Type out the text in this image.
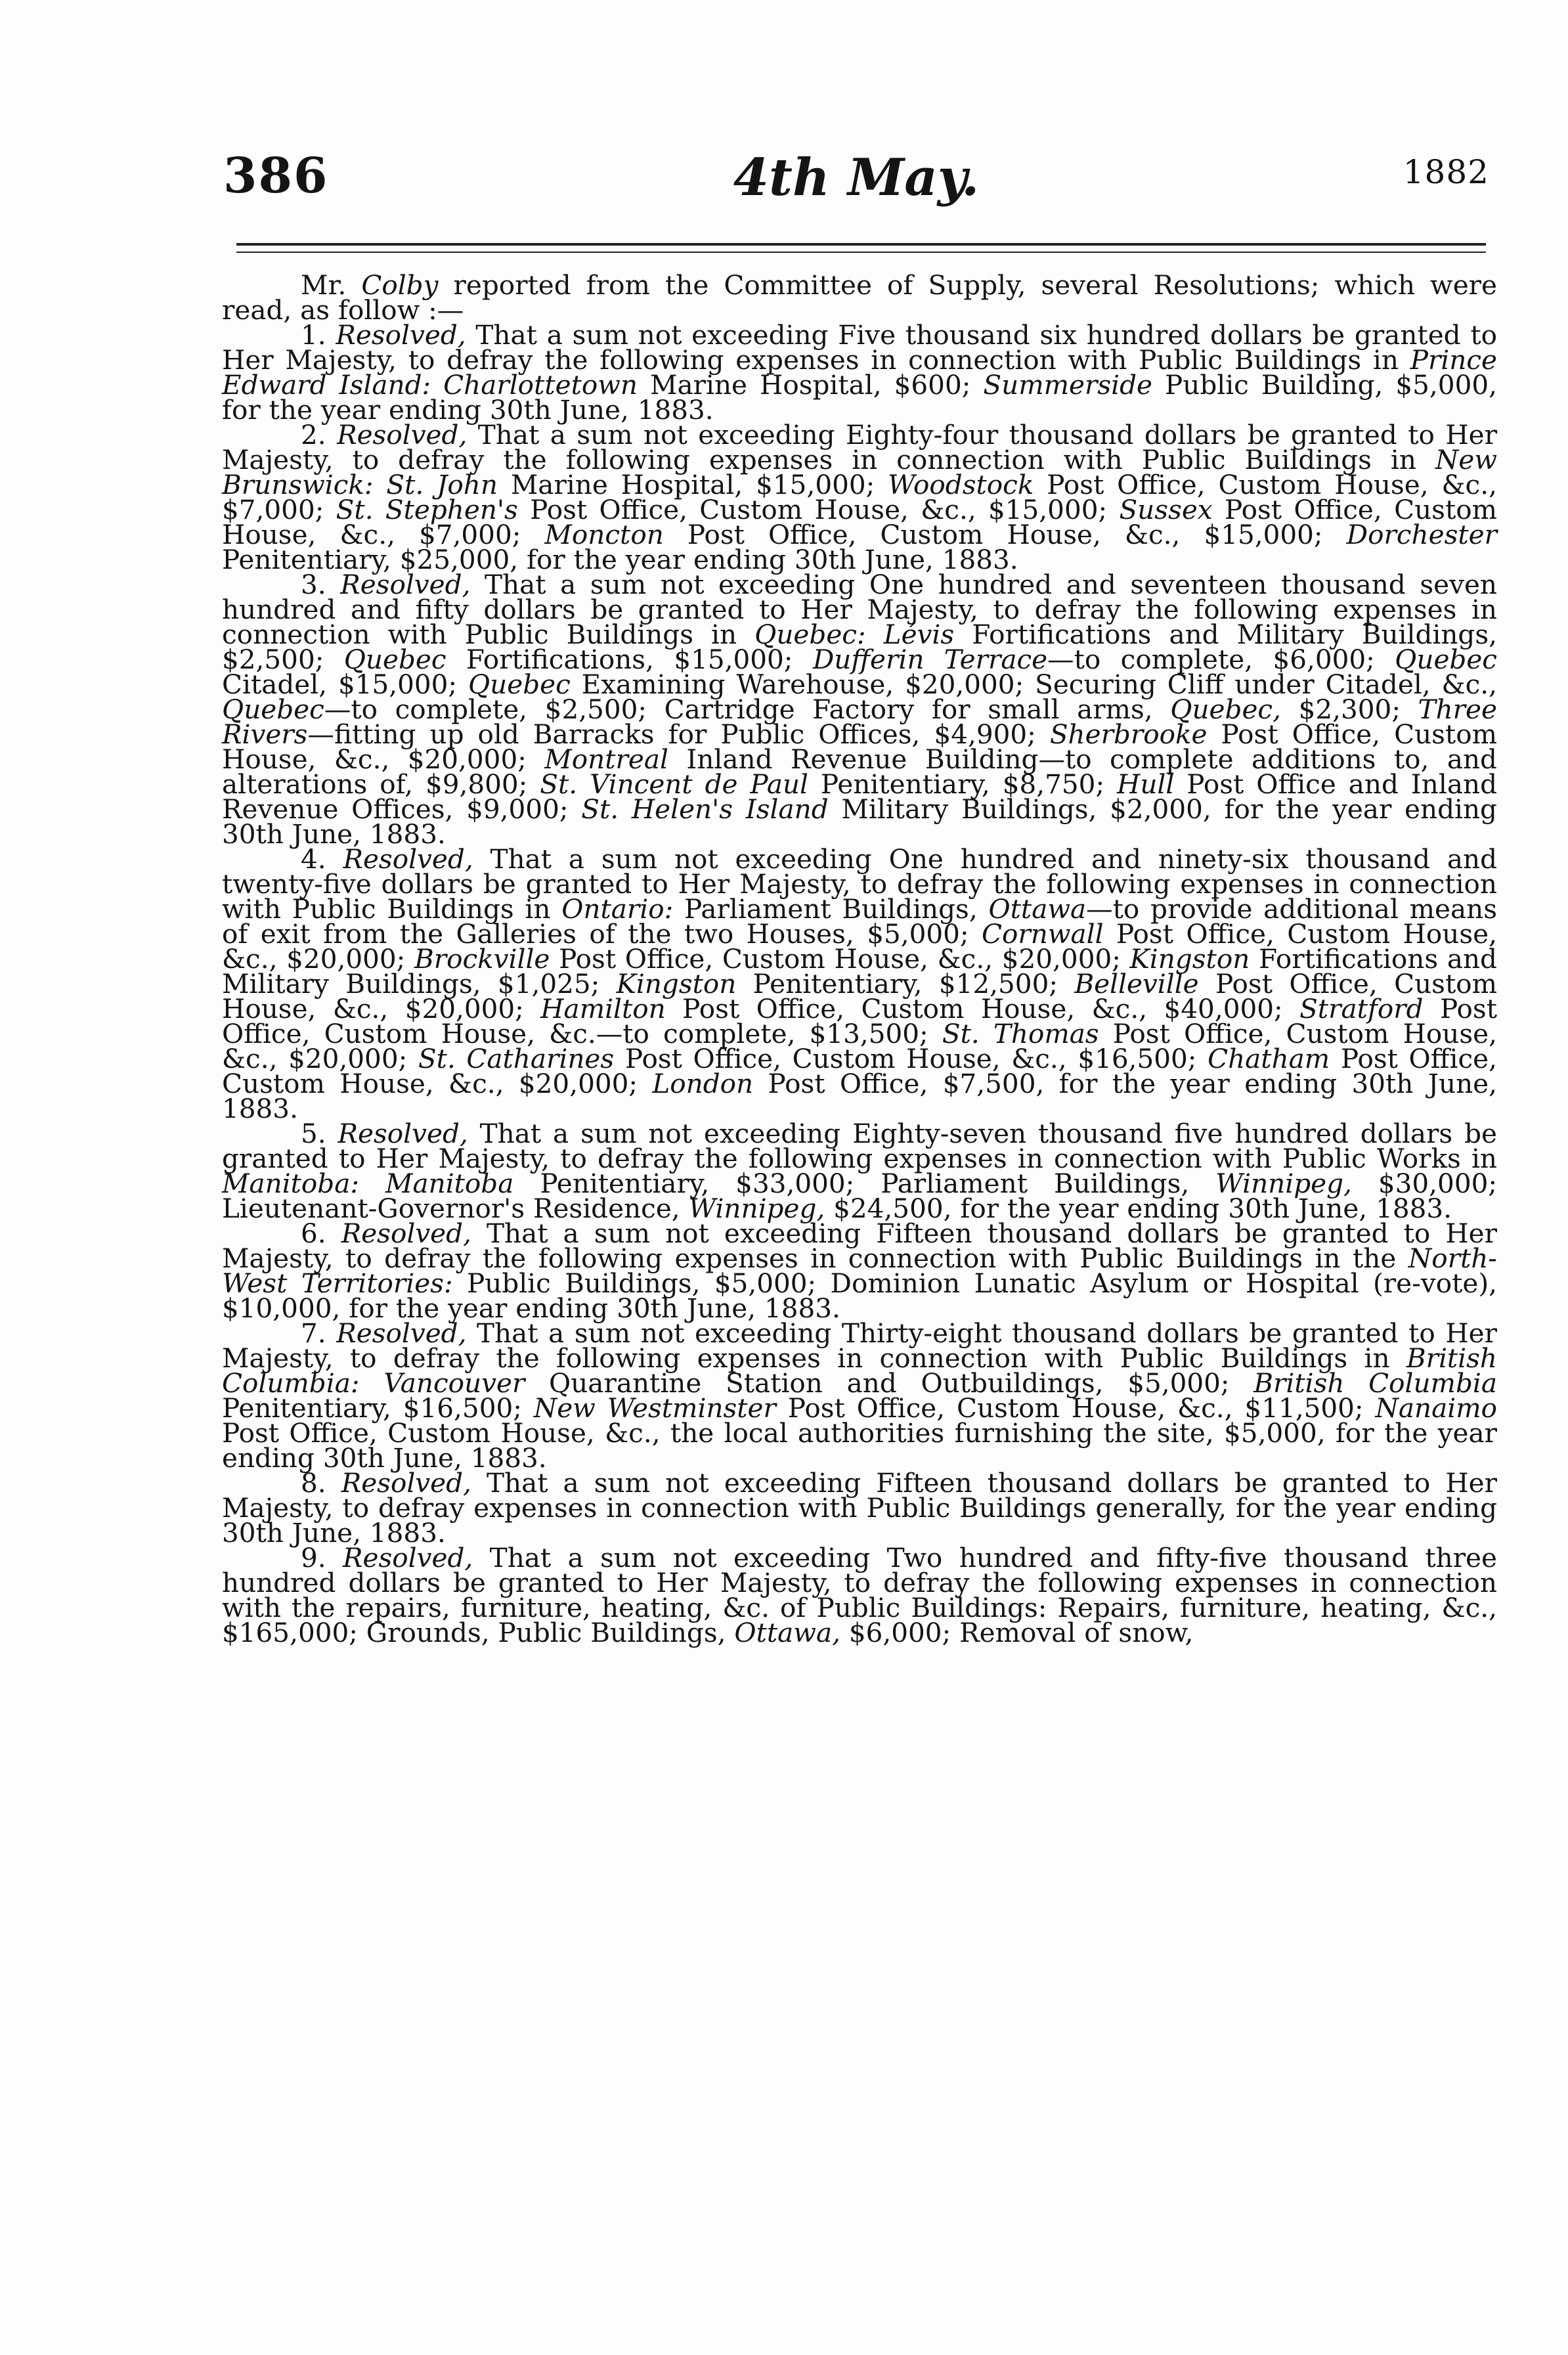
386	4th May.	1882

Mr. Colby reported from the Committee of Supply, several Resolutions; which were read, as follow :—

1. Resolved, That a sum not exceeding Five thousand six hundred dollars be granted to Her Majesty, to defray the following expenses in connection with Public Buildings in Prince Edward Island: Charlottetown Marine Hospital, $600; Summerside Public Building, $5,000, for the year ending 30th June, 1883.

2. Resolved, That a sum not exceeding Eighty-four thousand dollars be granted to Her Majesty, to defray the following expenses in connection with Public Buildings in New Brunswick: St. John Marine Hospital, $15,000; Woodstock Post Office, Custom House, &c., $7,000; St. Stephen's Post Office, Custom House, &c., $15,000; Sussex Post Office, Custom House, &c., $7,000; Moncton Post Office, Custom House, &c., $15,000; Dorchester Penitentiary, $25,000, for the year ending 30th June, 1883.

3. Resolved, That a sum not exceeding One hundred and seventeen thousand seven hundred and fifty dollars be granted to Her Majesty, to defray the following expenses in connection with Public Buildings in Quebec: Lévis Fortifications and Military Buildings, $2,500; Quebec Fortifications, $15,000; Dufferin Terrace—to complete, $6,000; Quebec Citadel, $15,000; Quebec Examining Warehouse, $20,000; Securing Cliff under Citadel, &c., Quebec—to complete, $2,500; Cartridge Factory for small arms, Quebec, $2,300; Three Rivers—fitting up old Barracks for Public Offices, $4,900; Sherbrooke Post Office, Custom House, &c., $20,000; Montreal Inland Revenue Building—to complete additions to, and alterations of, $9,800; St. Vincent de Paul Penitentiary, $8,750; Hull Post Office and Inland Revenue Offices, $9,000; St. Helen's Island Military Buildings, $2,000, for the year ending 30th June, 1883.

4. Resolved, That a sum not exceeding One hundred and ninety-six thousand and twenty-five dollars be granted to Her Majesty, to defray the following expenses in connection with Public Buildings in Ontario: Parliament Buildings, Ottawa—to provide additional means of exit from the Galleries of the two Houses, $5,000; Cornwall Post Office, Custom House, &c., $20,000; Brockville Post Office, Custom House, &c., $20,000; Kingston Fortifications and Military Buildings, $1,025; Kingston Penitentiary, $12,500; Belleville Post Office, Custom House, &c., $20,000; Hamilton Post Office, Custom House, &c., $40,000; Stratford Post Office, Custom House, &c.—to complete, $13,500; St. Thomas Post Office, Custom House, &c., $20,000; St. Catharines Post Office, Custom House, &c., $16,500; Chatham Post Office, Custom House, &c., $20,000; London Post Office, $7,500, for the year ending 30th June, 1883.

5. Resolved, That a sum not exceeding Eighty-seven thousand five hundred dollars be granted to Her Majesty, to defray the following expenses in connection with Public Works in Manitoba: Manitoba Penitentiary, $33,000; Parliament Buildings, Winnipeg, $30,000; Lieutenant-Governor's Residence, Winnipeg, $24,500, for the year ending 30th June, 1883.

6. Resolved, That a sum not exceeding Fifteen thousand dollars be granted to Her Majesty, to defray the following expenses in connection with Public Buildings in the North-West Territories: Public Buildings, $5,000; Dominion Lunatic Asylum or Hospital (re-vote), $10,000, for the year ending 30th June, 1883.

7. Resolved, That a sum not exceeding Thirty-eight thousand dollars be granted to Her Majesty, to defray the following expenses in connection with Public Buildings in British Columbia: Vancouver Quarantine Station and Outbuildings, $5,000; British Columbia Penitentiary, $16,500; New Westminster Post Office, Custom House, &c., $11,500; Nanaimo Post Office, Custom House, &c., the local authorities furnishing the site, $5,000, for the year ending 30th June, 1883.

8. Resolved, That a sum not exceeding Fifteen thousand dollars be granted to Her Majesty, to defray expenses in connection with Public Buildings generally, for the year ending 30th June, 1883.

9. Resolved, That a sum not exceeding Two hundred and fifty-five thousand three hundred dollars be granted to Her Majesty, to defray the following expenses in connection with the repairs, furniture, heating, &c. of Public Buildings: Repairs, furniture, heating, &c., $165,000; Grounds, Public Buildings, Ottawa, $6,000; Removal of snow,
